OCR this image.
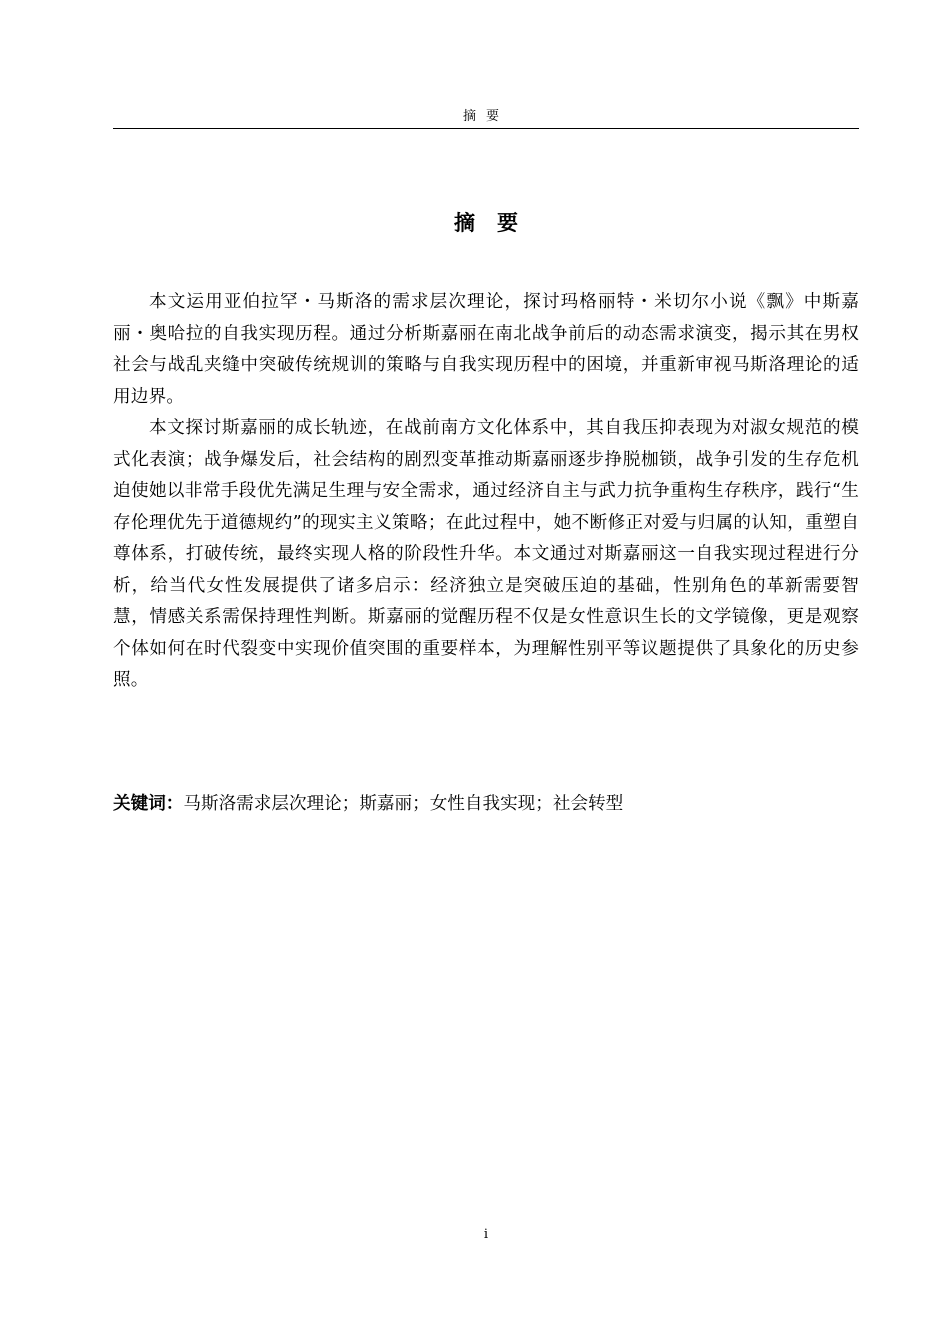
摘要
摘要

本文运用亚伯拉罕・马斯洛的需求层次理论，探讨玛格丽特・米切尔小说《飘》中斯嘉丽・奥哈拉的自我实现历程。通过分析斯嘉丽在南北战争前后的动态需求演变，揭示其在男权社会与战乱夹缝中突破传统规训的策略与自我实现历程中的困境，并重新审视马斯洛理论的适用边界。

本文探讨斯嘉丽的成长轨迹，在战前南方文化体系中，其自我压抑表现为对淑女规范的模式化表演；战争爆发后，社会结构的剧烈变革推动斯嘉丽逐步挣脱枷锁，战争引发的生存危机迫使她以非常手段优先满足生理与安全需求，通过经济自主与武力抗争重构生存秩序，践行“生存伦理优先于道德规约”的现实主义策略；在此过程中，她不断修正对爱与归属的认知，重塑自尊体系，打破传统，最终实现人格的阶段性升华。本文通过对斯嘉丽这一自我实现过程进行分析，给当代女性发展提供了诸多启示：经济独立是突破压迫的基础，性别角色的革新需要智慧，情感关系需保持理性判断。斯嘉丽的觉醒历程不仅是女性意识生长的文学镜像，更是观察个体如何在时代裂变中实现价值突围的重要样本，为理解性别平等议题提供了具象化的历史参照。

关键词：马斯洛需求层次理论；斯嘉丽；女性自我实现；社会转型
i
